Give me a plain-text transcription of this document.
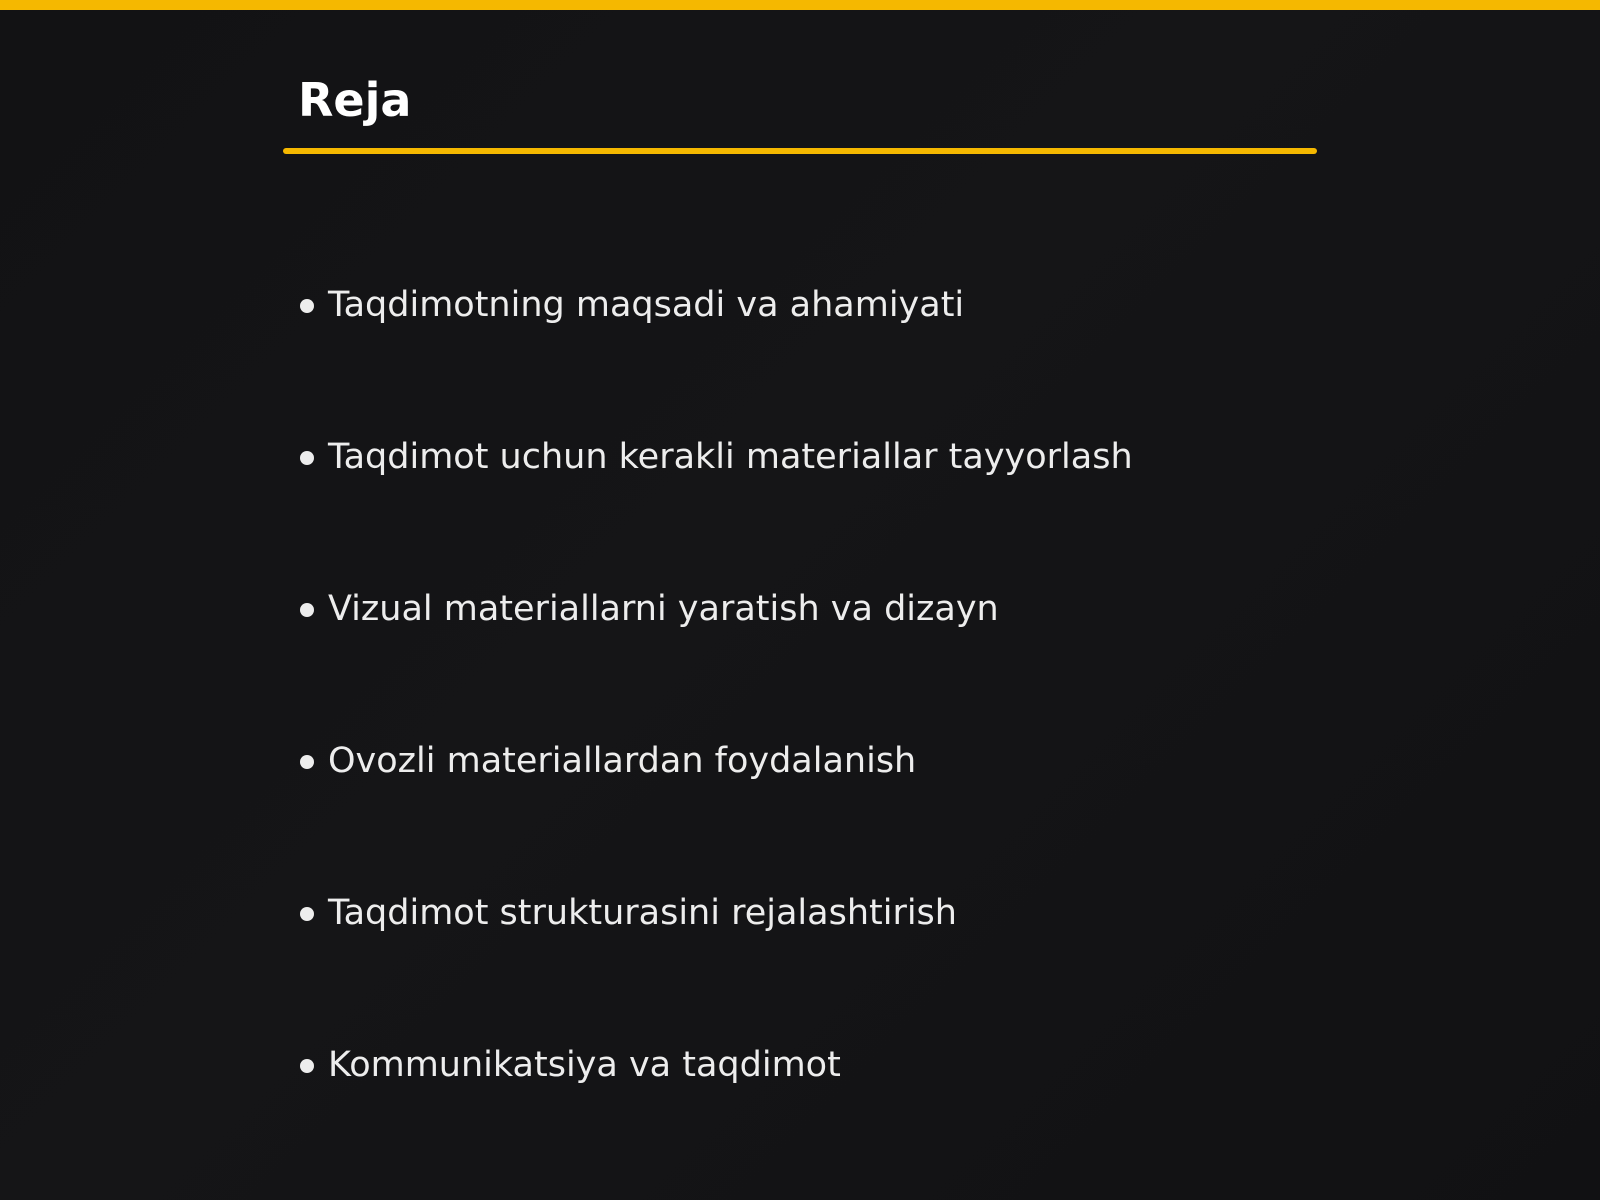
Reja
Taqdimotning maqsadi va ahamiyati
Taqdimot uchun kerakli materiallar tayyorlash
Vizual materiallarni yaratish va dizayn
Ovozli materiallardan foydalanish
Taqdimot strukturasini rejalashtirish
Kommunikatsiya va taqdimot
